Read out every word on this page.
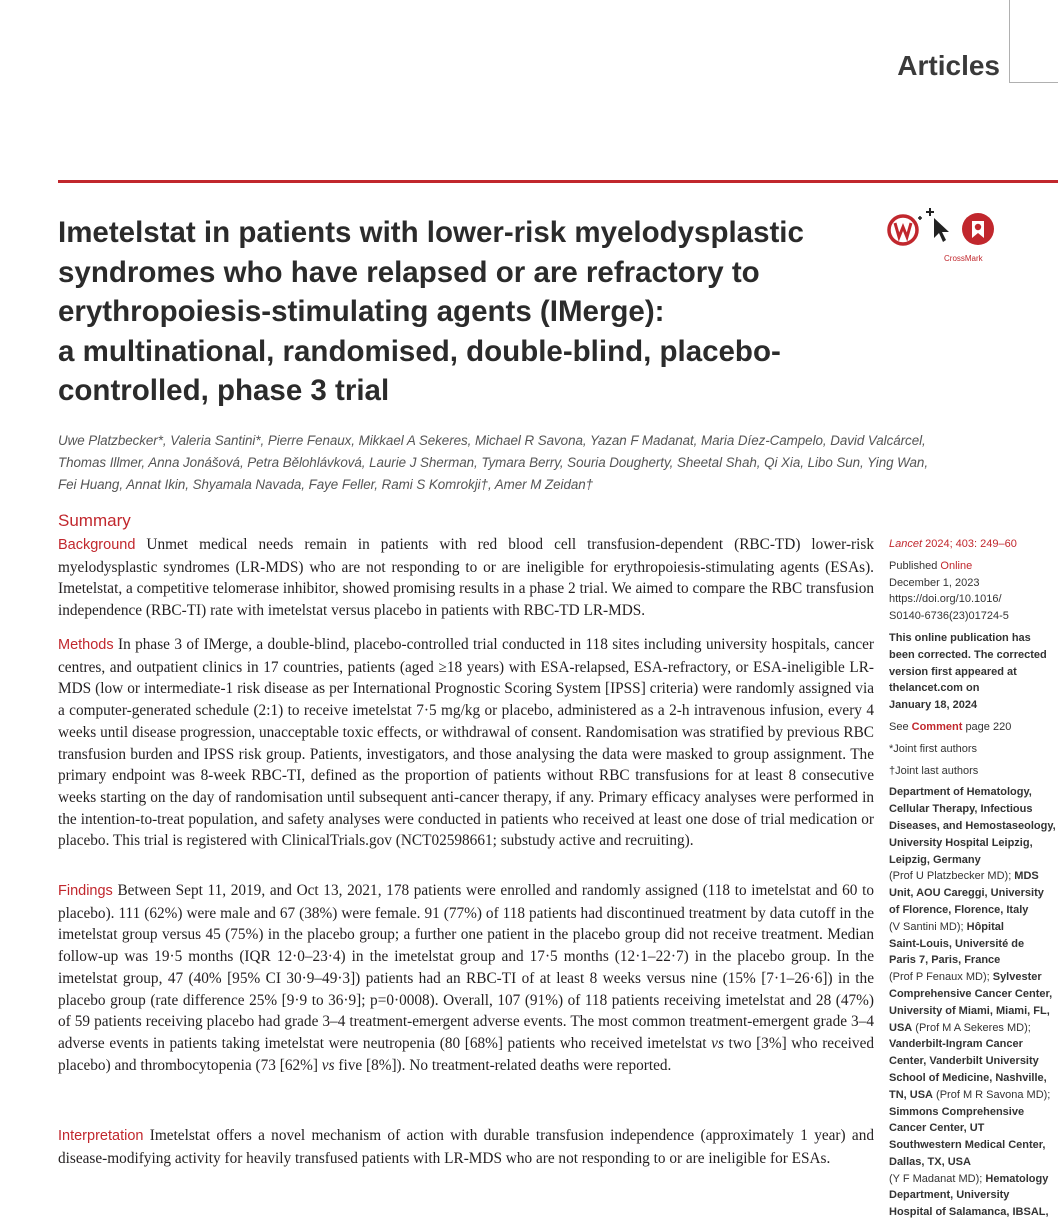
Articles
Imetelstat in patients with lower-risk myelodysplastic
syndromes who have relapsed or are refractory to
erythropoiesis-stimulating agents (IMerge):
a multinational, randomised, double-blind, placebo-
controlled, phase 3 trial
CrossMark
Uwe Platzbecker*, Valeria Santini*, Pierre Fenaux, Mikkael A Sekeres, Michael R Savona, Yazan F Madanat, Maria Díez-Campelo, David Valcárcel,
Thomas Illmer, Anna Jonášová, Petra Bělohlávková, Laurie J Sherman, Tymara Berry, Souria Dougherty, Sheetal Shah, Qi Xia, Libo Sun, Ying Wan,
Fei Huang, Annat Ikin, Shyamala Navada, Faye Feller, Rami S Komrokji†, Amer M Zeidan†
Summary

Background Unmet medical needs remain in patients with red blood cell transfusion-dependent (RBC-TD) lower-risk myelodysplastic syndromes (LR-MDS) who are not responding to or are ineligible for erythropoiesis-stimulating agents (ESAs). Imetelstat, a competitive telomerase inhibitor, showed promising results in a phase 2 trial. We aimed to compare the RBC transfusion independence (RBC-TI) rate with imetelstat versus placebo in patients with RBC-TD LR-MDS.

Methods In phase 3 of IMerge, a double-blind, placebo-controlled trial conducted in 118 sites including university hospitals, cancer centres, and outpatient clinics in 17 countries, patients (aged ≥18 years) with ESA-relapsed, ESA-refractory, or ESA-ineligible LR-MDS (low or intermediate-1 risk disease as per International Prognostic Scoring System [IPSS] criteria) were randomly assigned via a computer-generated schedule (2:1) to receive imetelstat 7·5 mg/kg or placebo, administered as a 2-h intravenous infusion, every 4 weeks until disease progression, unacceptable toxic effects, or withdrawal of consent. Randomisation was stratified by previous RBC transfusion burden and IPSS risk group. Patients, investigators, and those analysing the data were masked to group assignment. The primary endpoint was 8-week RBC-TI, defined as the proportion of patients without RBC transfusions for at least 8 consecutive weeks starting on the day of randomisation until subsequent anti-cancer therapy, if any. Primary efficacy analyses were performed in the intention-to-treat population, and safety analyses were conducted in patients who received at least one dose of trial medication or placebo. This trial is registered with ClinicalTrials.gov (NCT02598661; substudy active and recruiting).

Findings Between Sept 11, 2019, and Oct 13, 2021, 178 patients were enrolled and randomly assigned (118 to imetelstat and 60 to placebo). 111 (62%) were male and 67 (38%) were female. 91 (77%) of 118 patients had discontinued treatment by data cutoff in the imetelstat group versus 45 (75%) in the placebo group; a further one patient in the placebo group did not receive treatment. Median follow-up was 19·5 months (IQR 12·0–23·4) in the imetelstat group and 17·5 months (12·1–22·7) in the placebo group. In the imetelstat group, 47 (40% [95% CI 30·9–49·3]) patients had an RBC-TI of at least 8 weeks versus nine (15% [7·1–26·6]) in the placebo group (rate difference 25% [9·9 to 36·9]; p=0·0008). Overall, 107 (91%) of 118 patients receiving imetelstat and 28 (47%) of 59 patients receiving placebo had grade 3–4 treatment-emergent adverse events. The most common treatment-emergent grade 3–4 adverse events in patients taking imetelstat were neutropenia (80 [68%] patients who received imetelstat vs two [3%] who received placebo) and thrombocytopenia (73 [62%] vs five [8%]). No treatment-related deaths were reported.

Interpretation Imetelstat offers a novel mechanism of action with durable transfusion independence (approximately 1 year) and disease-modifying activity for heavily transfused patients with LR-MDS who are not responding to or are ineligible for ESAs.

Lancet 2024; 403: 249–60

Published Online
December 1, 2023
https://doi.org/10.1016/
S0140-6736(23)01724-5

This online publication has
been corrected. The corrected
version first appeared at
thelancet.com on
January 18, 2024

See Comment page 220

*Joint first authors

†Joint last authors

Department of Hematology,
Cellular Therapy, Infectious
Diseases, and Hemostaseology,
University Hospital Leipzig,
Leipzig, Germany
(Prof U Platzbecker MD); MDS
Unit, AOU Careggi, University
of Florence, Florence, Italy
(V Santini MD); Hôpital
Saint-Louis, Université de
Paris 7, Paris, France
(Prof P Fenaux MD); Sylvester
Comprehensive Cancer Center,
University of Miami, Miami, FL,
USA (Prof M A Sekeres MD);
Vanderbilt-Ingram Cancer
Center, Vanderbilt University
School of Medicine, Nashville,
TN, USA (Prof M R Savona MD);
Simmons Comprehensive
Cancer Center, UT
Southwestern Medical Center,
Dallas, TX, USA
(Y F Madanat MD); Hematology
Department, University
Hospital of Salamanca, IBSAL,
